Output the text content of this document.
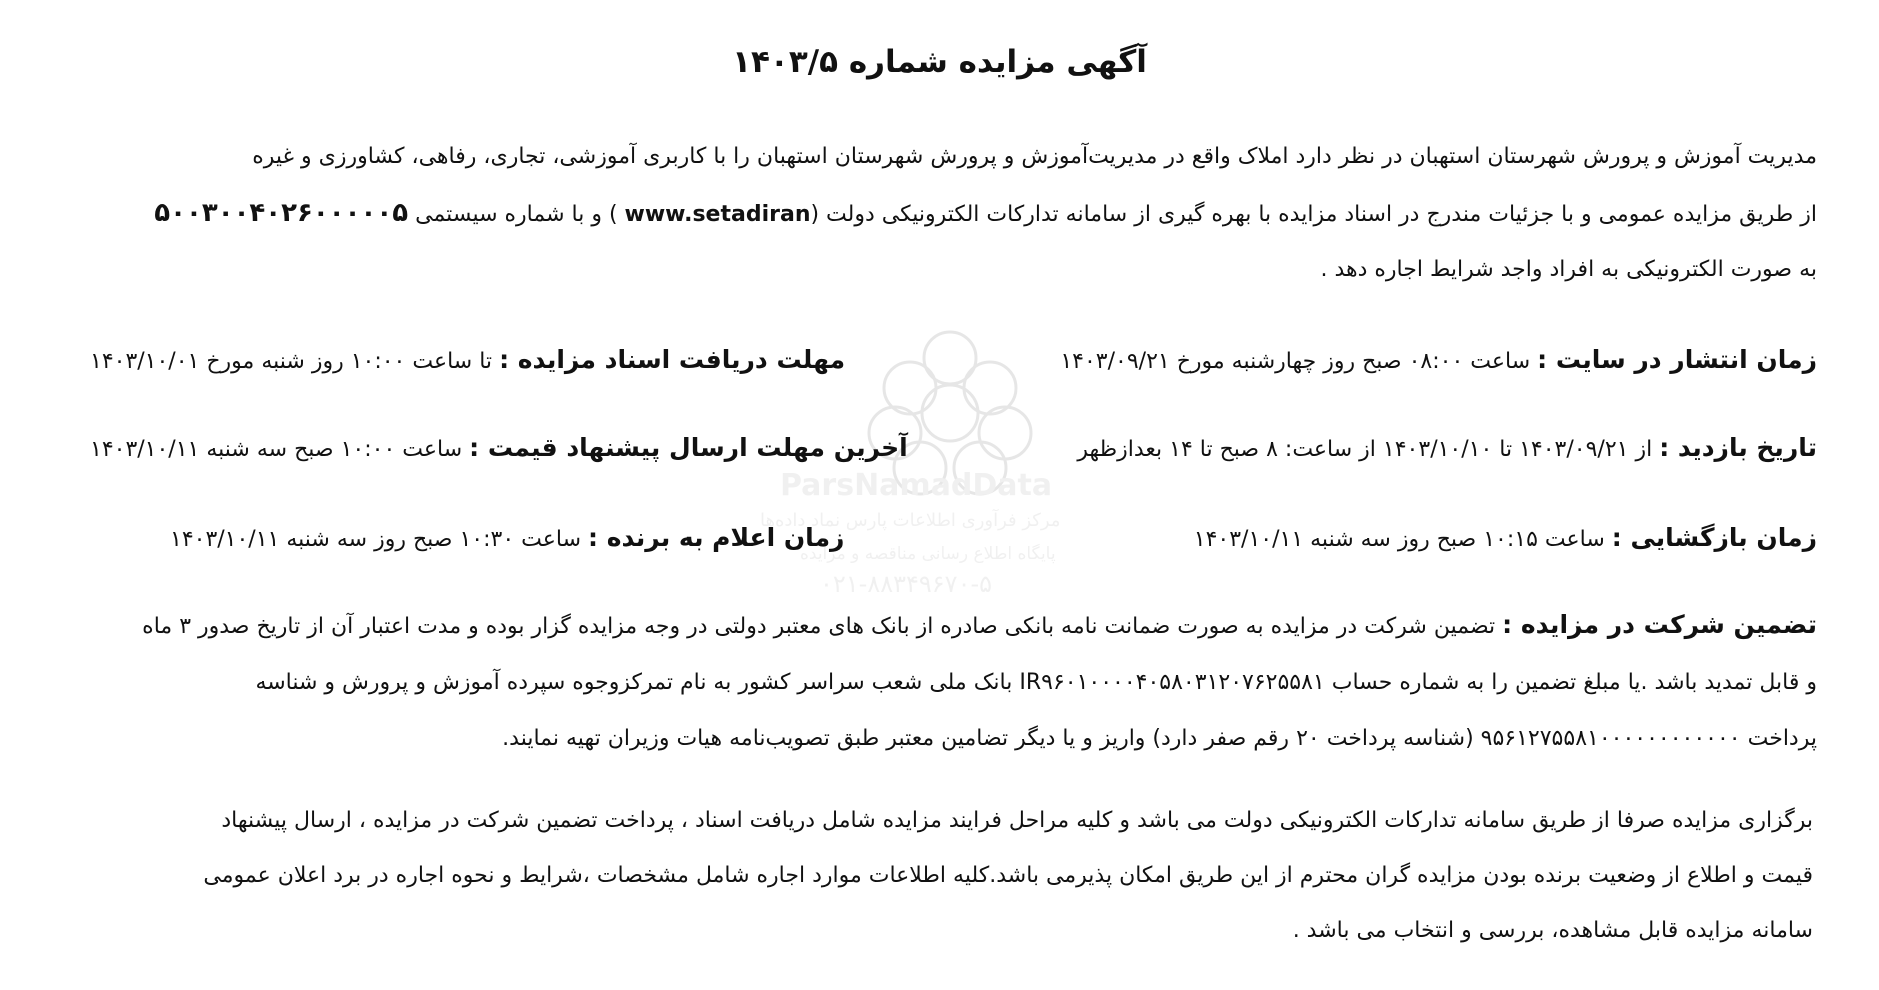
ParsNamadData
مرکز فرآوری اطلاعات پارس نماد داده‌ها
پایگاه اطلاع رسانی مناقصه و مزایده
۰۲۱-۸۸۳۴۹۶۷۰-۵
آگهی مزایده شماره ۱۴۰۳/۵
مدیریت آموزش و پرورش شهرستان استهبان در نظر دارد املاک واقع در مدیریت‌آموزش و پرورش شهرستان استهبان را با کاربری آموزشی، تجاری، رفاهی، کشاورزی و غیره
از طریق مزایده عمومی و با جزئیات مندرج در اسناد مزایده با بهره گیری از سامانه تدارکات الکترونیکی دولت (www.setadiran ) و با شماره سیستمی ۵۰۰۳۰۰۴۰۲۶۰۰۰۰۰۵
به صورت الکترونیکی به افراد واجد شرایط اجاره دهد .
زمان انتشار در سایت : ساعت ۰۸:۰۰ صبح روز چهارشنبه مورخ ۱۴۰۳/۰۹/۲۱
مهلت دریافت اسناد مزایده : تا ساعت ۱۰:۰۰ روز شنبه مورخ ۱۴۰۳/۱۰/۰۱
تاریخ بازدید : از ۱۴۰۳/۰۹/۲۱ تا ۱۴۰۳/۱۰/۱۰ از ساعت: ۸ صبح تا ۱۴ بعدازظهر
آخرین مهلت ارسال پیشنهاد قیمت : ساعت ۱۰:۰۰ صبح سه شنبه ۱۴۰۳/۱۰/۱۱
زمان بازگشایی : ساعت ۱۰:۱۵ صبح روز سه شنبه ۱۴۰۳/۱۰/۱۱
زمان اعلام به برنده : ساعت ۱۰:۳۰ صبح روز سه شنبه ۱۴۰۳/۱۰/۱۱
تضمین شرکت در مزایده : تضمین شرکت در مزایده به صورت ضمانت نامه بانکی صادره از بانک های معتبر دولتی در وجه مزایده گزار بوده و مدت اعتبار آن از تاریخ صدور ۳ ماه
و قابل تمدید باشد .یا مبلغ تضمین را به شماره حساب IR۹۶۰۱۰۰۰۰۴۰۵۸۰۳۱۲۰۷۶۲۵۵۸۱ بانک ملی شعب سراسر کشور به نام تمرکزوجوه سپرده آموزش و پرورش و شناسه
پرداخت ۹۵۶۱۲۷۵۵۸۱۰۰۰۰۰۰۰۰۰۰۰۰ (شناسه پرداخت ۲۰ رقم صفر دارد) واریز و یا دیگر تضامین معتبر طبق تصویب‌نامه هیات وزیران تهیه نمایند.
برگزاری مزایده صرفا از طریق سامانه تدارکات الکترونیکی دولت می باشد و کلیه مراحل فرایند مزایده شامل دریافت اسناد ، پرداخت تضمین شرکت در مزایده ، ارسال پیشنهاد
قیمت و اطلاع از وضعیت برنده بودن مزایده گران محترم از این طریق امکان پذیرمی باشد.کلیه اطلاعات موارد اجاره شامل مشخصات ،شرایط و نحوه اجاره در برد اعلان عمومی
سامانه مزایده قابل مشاهده، بررسی و انتخاب می باشد .
